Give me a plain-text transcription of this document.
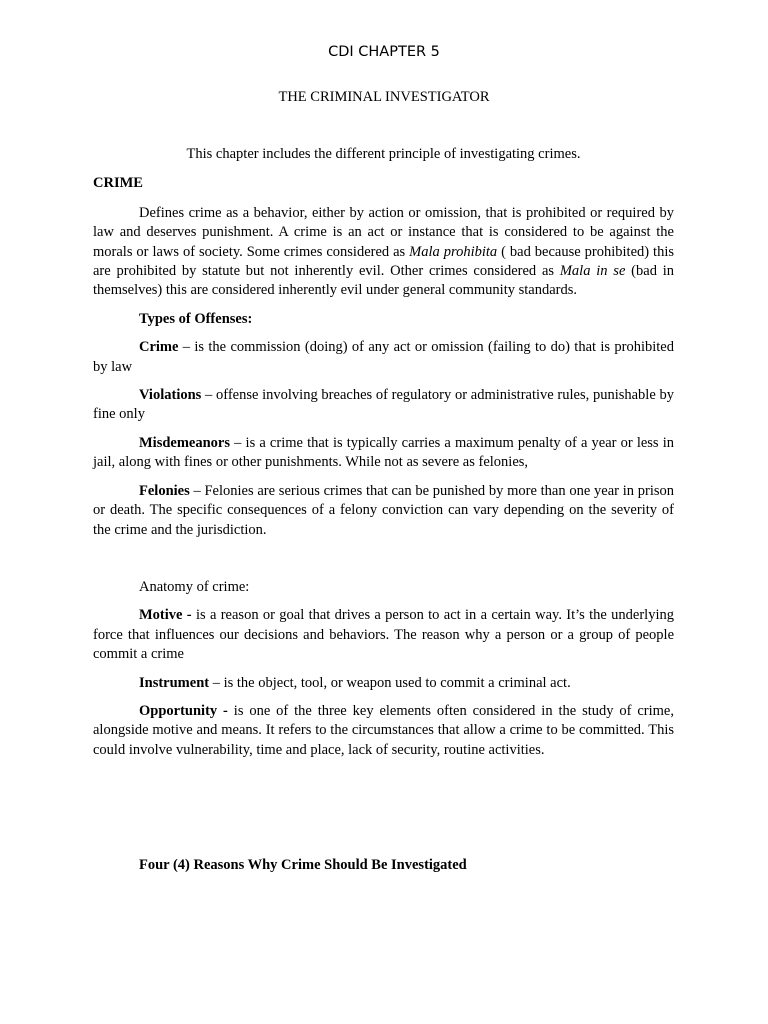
CDI CHAPTER 5
THE CRIMINAL INVESTIGATOR

This chapter includes the different principle of investigating crimes.

CRIME

Defines crime as a behavior, either by action or omission, that is prohibited or required by law and deserves punishment. A crime is an act or instance that is considered to be against the morals or laws of society. Some crimes considered as Mala prohibita ( bad because prohibited) this are prohibited by statute but not inherently evil. Other crimes considered as Mala in se (bad in themselves) this are considered inherently evil under general community standards.

Types of Offenses:

Crime – is the commission (doing) of any act or omission (failing to do) that is prohibited by law

Violations – offense involving breaches of regulatory or administrative rules, punishable by fine only

Misdemeanors – is a crime that is typically carries a maximum penalty of a year or less in jail, along with fines or other punishments. While not as severe as felonies,

Felonies – Felonies are serious crimes that can be punished by more than one year in prison or death. The specific consequences of a felony conviction can vary depending on the severity of the crime and the jurisdiction.

Anatomy of crime:

Motive - is a reason or goal that drives a person to act in a certain way. It’s the underlying force that influences our decisions and behaviors. The reason why a person or a group of people commit a crime

Instrument – is the object, tool, or weapon used to commit a criminal act.

Opportunity - is one of the three key elements often considered in the study of crime, alongside motive and means. It refers to the circumstances that allow a crime to be committed. This could involve vulnerability, time and place, lack of security, routine activities.

Four (4) Reasons Why Crime Should Be Investigated
